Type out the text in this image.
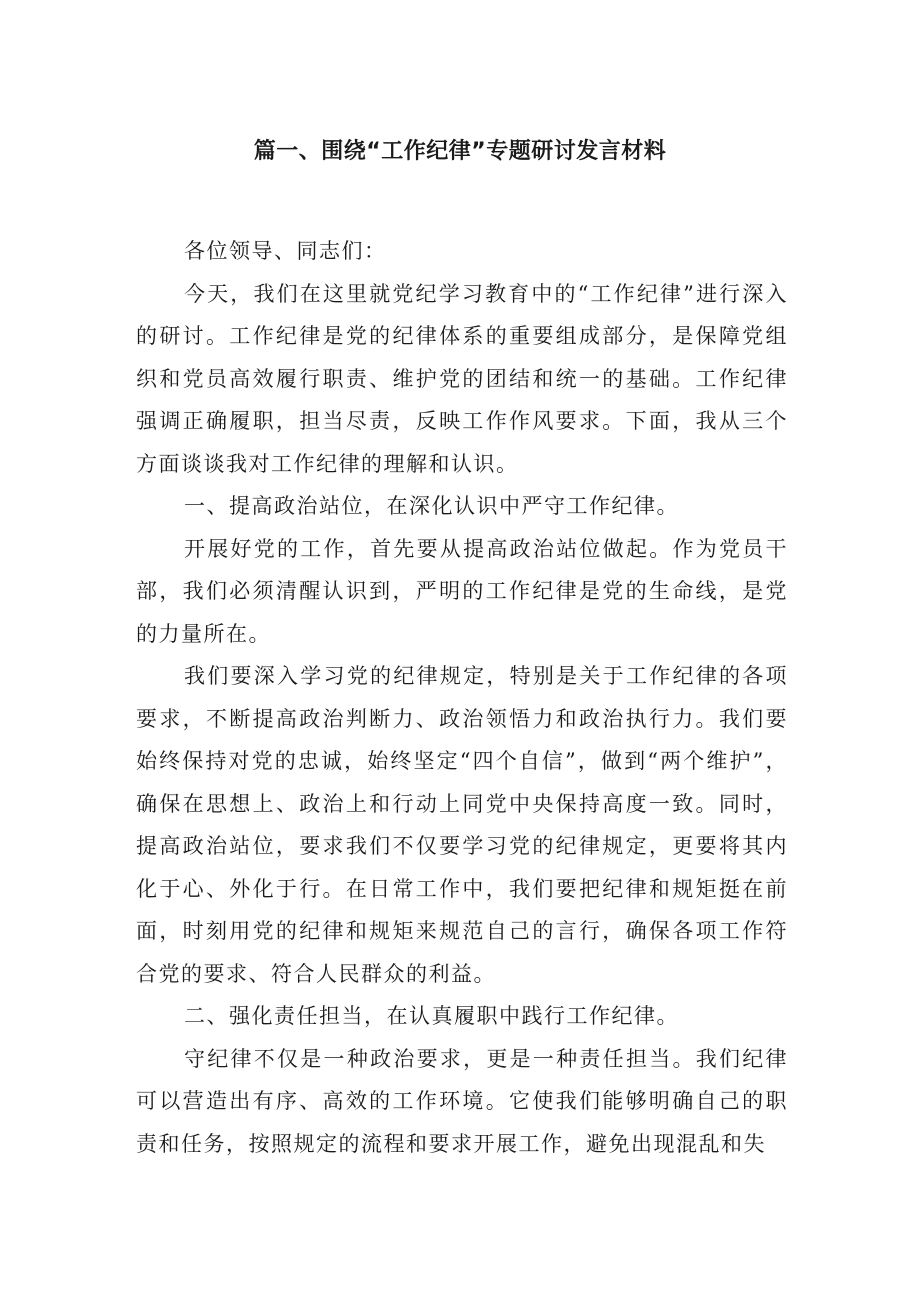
篇一、围绕“工作纪律”专题研讨发言材料

各位领导、同志们：

今天，我们在这里就党纪学习教育中的“工作纪律”进行深入的研讨。工作纪律是党的纪律体系的重要组成部分，是保障党组织和党员高效履行职责、维护党的团结和统一的基础。工作纪律强调正确履职，担当尽责，反映工作作风要求。下面，我从三个方面谈谈我对工作纪律的理解和认识。

一、提高政治站位，在深化认识中严守工作纪律。

开展好党的工作，首先要从提高政治站位做起。作为党员干部，我们必须清醒认识到，严明的工作纪律是党的生命线，是党的力量所在。

我们要深入学习党的纪律规定，特别是关于工作纪律的各项要求，不断提高政治判断力、政治领悟力和政治执行力。我们要始终保持对党的忠诚，始终坚定“四个自信”，做到“两个维护”，确保在思想上、政治上和行动上同党中央保持高度一致。同时，提高政治站位，要求我们不仅要学习党的纪律规定，更要将其内化于心、外化于行。在日常工作中，我们要把纪律和规矩挺在前面，时刻用党的纪律和规矩来规范自己的言行，确保各项工作符合党的要求、符合人民群众的利益。

二、强化责任担当，在认真履职中践行工作纪律。

守纪律不仅是一种政治要求，更是一种责任担当。我们纪律可以营造出有序、高效的工作环境。它使我们能够明确自己的职责和任务，按照规定的流程和要求开展工作，避免出现混乱和失
